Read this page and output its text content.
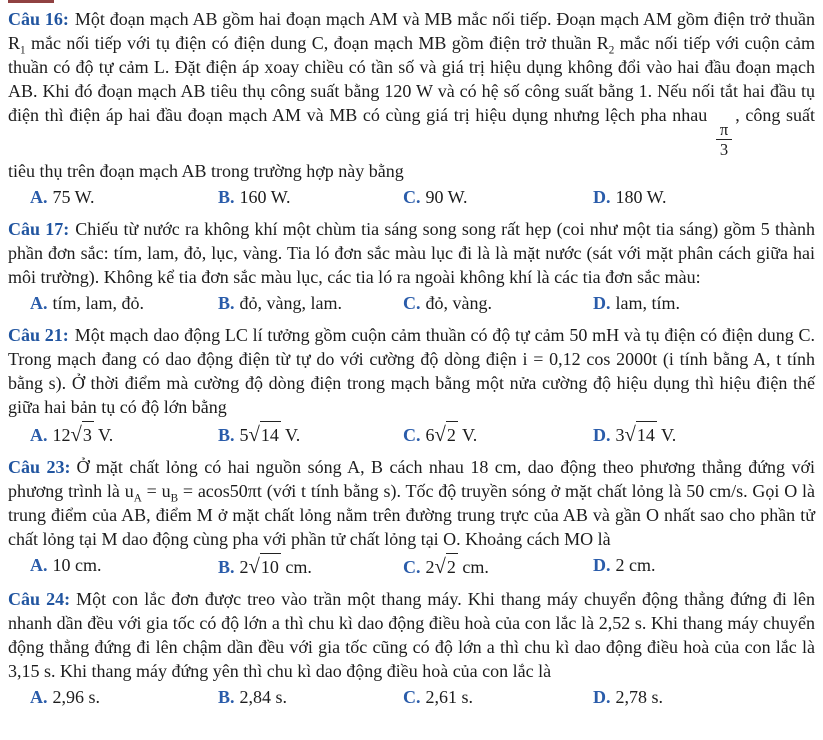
Câu 16: Một đoạn mạch AB gồm hai đoạn mạch AM và MB mắc nối tiếp. Đoạn mạch AM gồm điện trở thuần $R_1$ mắc nối tiếp với tụ điện có điện dung C, đoạn mạch MB gồm điện trở thuần $R_2$ mắc nối tiếp với cuộn cảm thuần có độ tự cảm L. Đặt điện áp xoay chiều có tần số và giá trị hiệu dụng không đổi vào hai đầu đoạn mạch AB. Khi đó đoạn mạch AB tiêu thụ công suất bằng 120 W và có hệ số công suất bằng 1. Nếu nối tắt hai đầu tụ điện thì điện áp hai đầu đoạn mạch AM và MB có cùng giá trị hiệu dụng nhưng lệch pha nhau
$\frac{\pi}{3}$
, công suất tiêu thụ trên đoạn mạch AB trong trường hợp này bằng

A. 75 W.	B. 160 W.	C. 90 W.	D. 180 W.

Câu 17: Chiếu từ nước ra không khí một chùm tia sáng song song rất hẹp (coi như một tia sáng) gồm 5 thành phần đơn sắc: tím, lam, đỏ, lục, vàng. Tia ló đơn sắc màu lục đi là là mặt nước (sát với mặt phân cách giữa hai môi trường). Không kể tia đơn sắc màu lục, các tia ló ra ngoài không khí là các tia đơn sắc màu:

A. tím, lam, đỏ.	B. đỏ, vàng, lam.	C. đỏ, vàng.	D. lam, tím.

Câu 21: Một mạch dao động LC lí tưởng gồm cuộn cảm thuần có độ tự cảm 50 mH và tụ điện có điện dung C. Trong mạch đang có dao động điện từ tự do với cường độ dòng điện i = 0,12 cos 2000t (i tính bằng A, t tính bằng s). Ở thời điểm mà cường độ dòng điện trong mạch bằng một nửa cường độ hiệu dụng thì hiệu điện thế giữa hai bản tụ có độ lớn bằng

A. 12 √ 3 V.	B. 5 √ 14 V.	C. 6 √ 2 V.	D. 3 √ 14 V.

Câu 23: Ở mặt chất lỏng có hai nguồn sóng A, B cách nhau 18 cm, dao động theo phương thẳng đứng với phương trình là $u_A = u_B = acos50\pi t$ (với t tính bằng s). Tốc độ truyền sóng ở mặt chất lỏng là 50 cm/s. Gọi O là trung điểm của AB, điểm M ở mặt chất lỏng nằm trên đường trung trực của AB và gần O nhất sao cho phần tử chất lỏng tại M dao động cùng pha với phần tử chất lỏng tại O. Khoảng cách MO là

A. 10 cm.	B. 2 √ 10 cm.	C. 2 √ 2 cm.	D. 2 cm.

Câu 24: Một con lắc đơn được treo vào trần một thang máy. Khi thang máy chuyển động thẳng đứng đi lên nhanh dần đều với gia tốc có độ lớn a thì chu kì dao động điều hoà của con lắc là 2,52 s. Khi thang máy chuyển động thẳng đứng đi lên chậm dần đều với gia tốc cũng có độ lớn a thì chu kì dao động điều hoà của con lắc là 3,15 s. Khi thang máy đứng yên thì chu kì dao động điều hoà của con lắc là

A. 2,96 s.	B. 2,84 s.	C. 2,61 s.	D. 2,78 s.
